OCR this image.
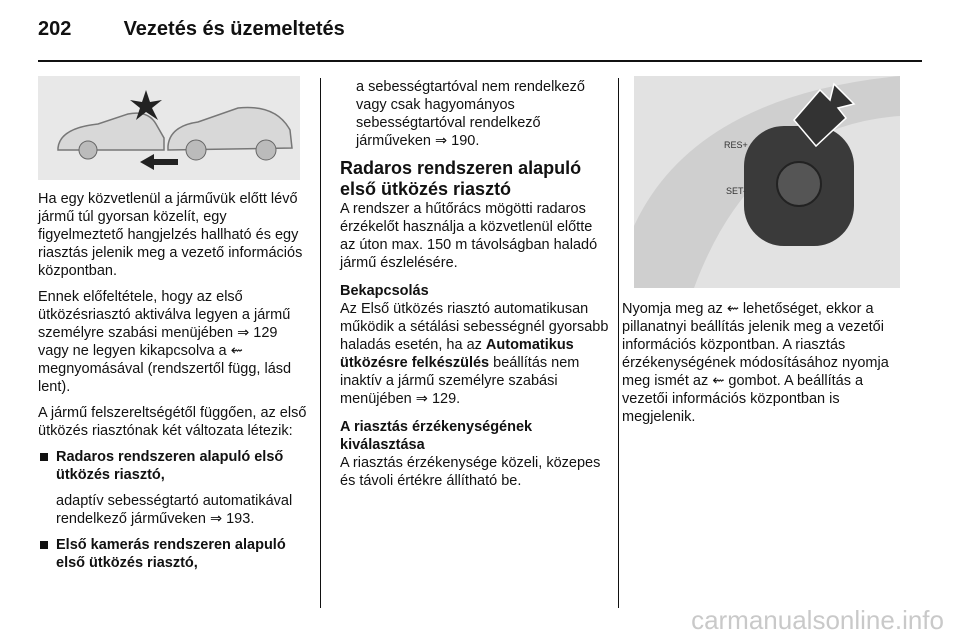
202	Vezetés és üzemeltetés

Ha egy közvetlenül a járművük előtt lévő jármű túl gyorsan közelít, egy figyelmeztető hangjelzés hallható és egy riasztás jelenik meg a vezető információs központban.

Ennek előfeltétele, hogy az első ütközésriasztó aktiválva legyen a jármű személyre szabási menüjében ⇒ 129 vagy ne legyen kikapcsolva a ⇜ megnyomásával (rendszertől függ, lásd lent).

A jármű felszereltségétől függően, az első ütközés riasztónak két változata létezik:

Radaros rendszeren alapuló első ütközés riasztó,
adaptív sebességtartó automatikával rendelkező járműveken ⇒ 193.
Első kamerás rendszeren alapuló első ütközés riasztó,

a sebességtartóval nem rendelkező vagy csak hagyományos sebességtartóval rendelkező járműveken ⇒ 190.

Radaros rendszeren alapuló első ütközés riasztó

A rendszer a hűtőrács mögötti radaros érzékelőt használja a közvetlenül előtte az úton max. 150 m távolságban haladó jármű észlelésére.

Bekapcsolás

Az Első ütközés riasztó automatikusan működik a sétálási sebességnél gyorsabb haladás esetén, ha az Automatikus ütközésre felkészülés beállítás nem inaktív a jármű személyre szabási menüjében ⇒ 129.

A riasztás érzékenységének kiválasztása

A riasztás érzékenysége közeli, közepes és távoli értékre állítható be.

RES+
SET-

Nyomja meg az ⇜ lehetőséget, ekkor a pillanatnyi beállítás jelenik meg a vezetői információs központban. A riasztás érzékenységének módosításához nyomja meg ismét az ⇜ gombot. A beállítás a vezetői információs központban is megjelenik.

carmanualsonline.info
